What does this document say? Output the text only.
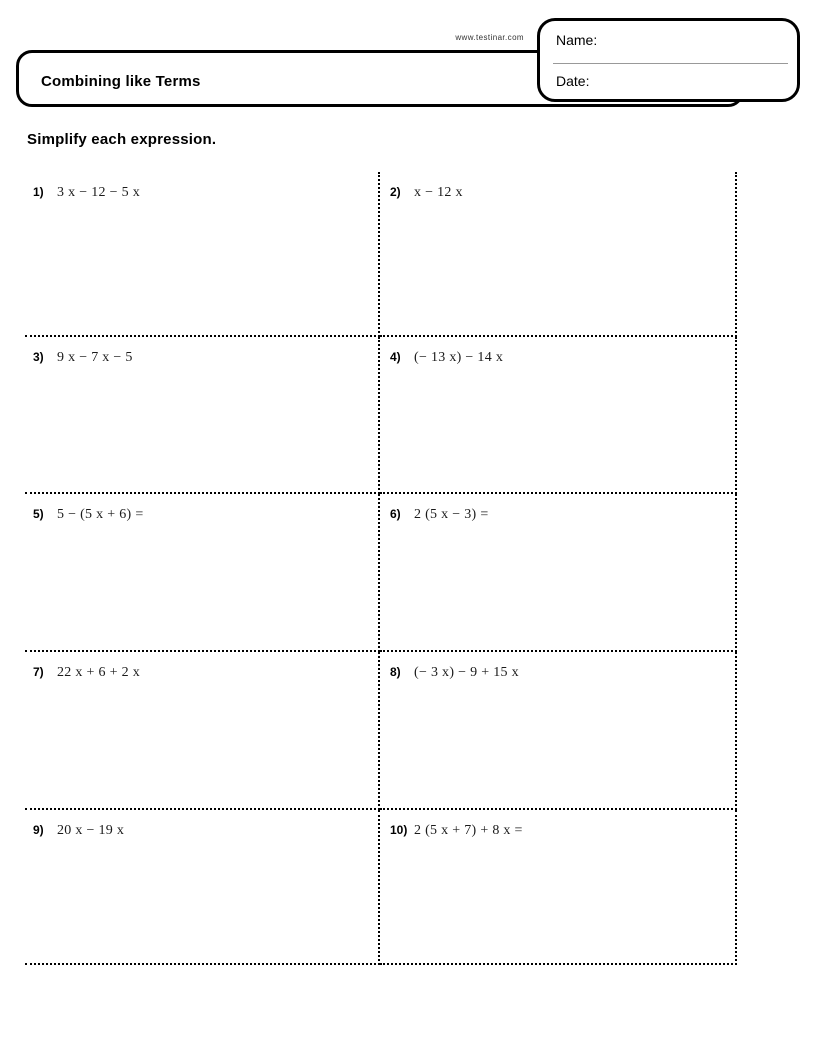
Combining like Terms
www.testinar.com Name:
Date:
Simplify each expression.
1) 3 x − 12 − 5 x	2) x − 12 x
3) 9 x − 7 x − 5	4) (− 13 x) − 14 x
5) 5 − (5 x + 6) =	6) 2 (5 x − 3) =
7) 22 x + 6 + 2 x	8) (− 3 x) − 9 + 15 x
9) 20 x − 19 x	10) 2 (5 x + 7) + 8 x =
